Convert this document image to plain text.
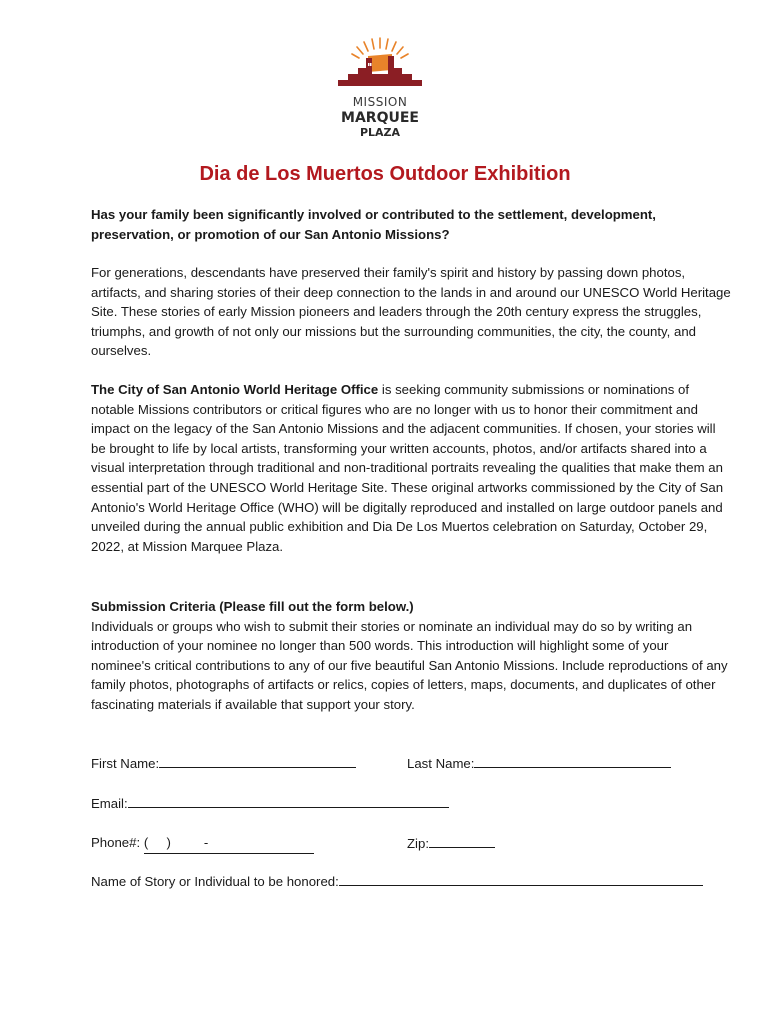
MISSION
MARQUEE
PLAZA
Dia de Los Muertos Outdoor Exhibition
Has your family been significantly involved or contributed to the settlement, development, preservation, or promotion of our San Antonio Missions?
For generations, descendants have preserved their family's spirit and history by passing down photos, artifacts, and sharing stories of their deep connection to the lands in and around our UNESCO World Heritage Site. These stories of early Mission pioneers and leaders through the 20th century express the struggles, triumphs, and growth of not only our missions but the surrounding communities, the city, the county, and ourselves.
The City of San Antonio World Heritage Office is seeking community submissions or nominations of notable Missions contributors or critical figures who are no longer with us to honor their commitment and impact on the legacy of the San Antonio Missions and the adjacent communities. If chosen, your stories will be brought to life by local artists, transforming your written accounts, photos, and/or artifacts shared into a visual interpretation through traditional and non-traditional portraits revealing the qualities that make them an essential part of the UNESCO World Heritage Site. These original artworks commissioned by the City of San Antonio's World Heritage Office (WHO) will be digitally reproduced and installed on large outdoor panels and unveiled during the annual public exhibition and Dia De Los Muertos celebration on Saturday, October 29, 2022, at Mission Marquee Plaza.
Submission Criteria (Please fill out the form below.)
Individuals or groups who wish to submit their stories or nominate an individual may do so by writing an introduction of your nominee no longer than 500 words. This introduction will highlight some of your nominee's critical contributions to any of our five beautiful San Antonio Missions. Include reproductions of any family photos, photographs of artifacts or relics, copies of letters, maps, documents, and duplicates of other fascinating materials if available that support your story.
First Name:	Last Name:
Email:
Phone#: (     )         -	Zip:
Name of Story or Individual to be honored:
